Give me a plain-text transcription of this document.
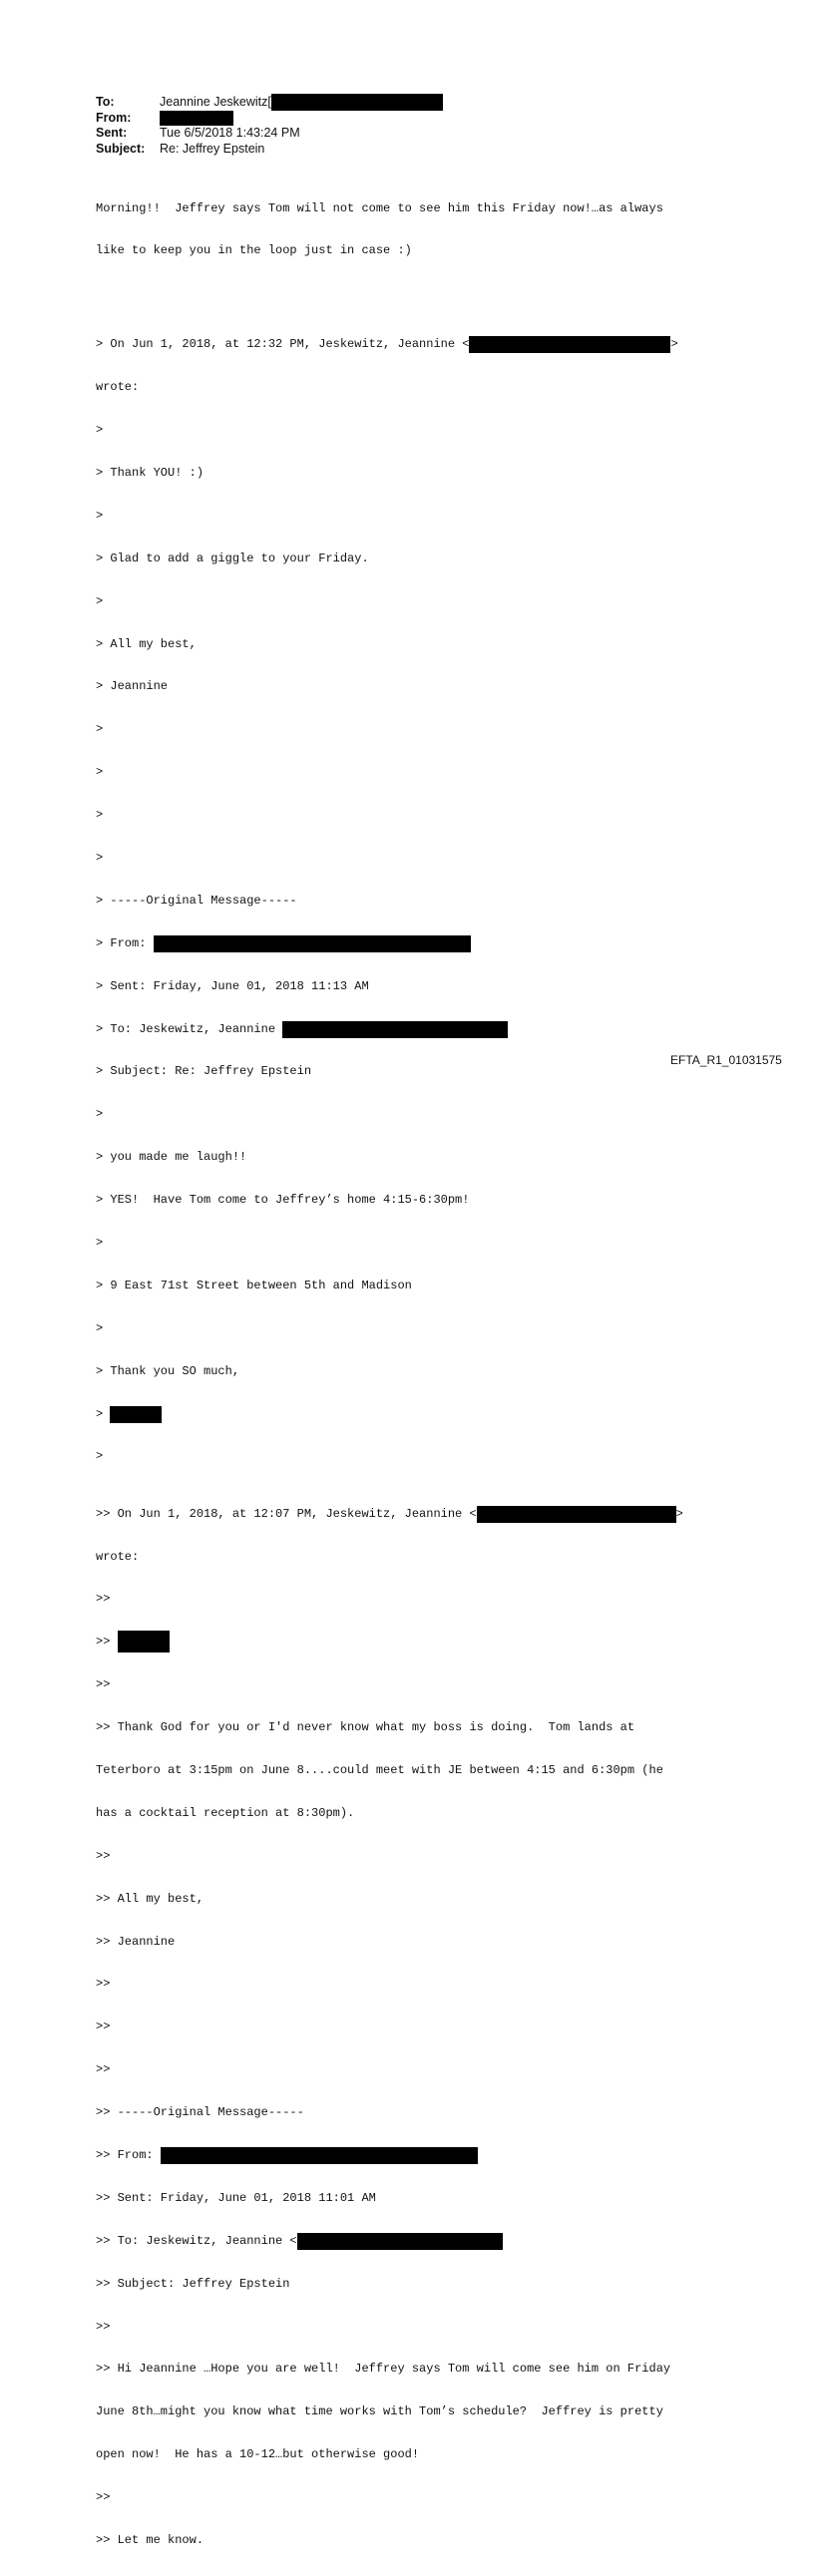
To:	Jeannine Jeskewitz[
From:
Sent:	Tue 6/5/2018 1:43:24 PM
Subject:	Re: Jeffrey Epstein

Morning!!  Jeffrey says Tom will not come to see him this Friday now!…as always

like to keep you in the loop just in case :)

> On Jun 1, 2018, at 12:32 PM, Jeskewitz, Jeannine <	>

wrote:

>

> Thank YOU! :)

>

> Glad to add a giggle to your Friday.

>

> All my best,

> Jeannine

>

>

>

>

> -----Original Message-----

> From:

> Sent: Friday, June 01, 2018 11:13 AM

> To: Jeskewitz, Jeannine

> Subject: Re: Jeffrey Epstein

>

> you made me laugh!!

> YES!  Have Tom come to Jeffrey’s home 4:15-6:30pm!

>

> 9 East 71st Street between 5th and Madison

>

> Thank you SO much,

>

>

>> On Jun 1, 2018, at 12:07 PM, Jeskewitz, Jeannine <	>

wrote:

>>

>>

>>

>> Thank God for you or I'd never know what my boss is doing.  Tom lands at

Teterboro at 3:15pm on June 8....could meet with JE between 4:15 and 6:30pm (he

has a cocktail reception at 8:30pm).

>>

>> All my best,

>> Jeannine

>>

>>

>>

>> -----Original Message-----

>> From:

>> Sent: Friday, June 01, 2018 11:01 AM

>> To: Jeskewitz, Jeannine <

>> Subject: Jeffrey Epstein

>>

>> Hi Jeannine …Hope you are well!  Jeffrey says Tom will come see him on Friday

June 8th…might you know what time works with Tom’s schedule?  Jeffrey is pretty

open now!  He has a 10-12…but otherwise good!

>>

>> Let me know.

EFTA_R1_01031575
